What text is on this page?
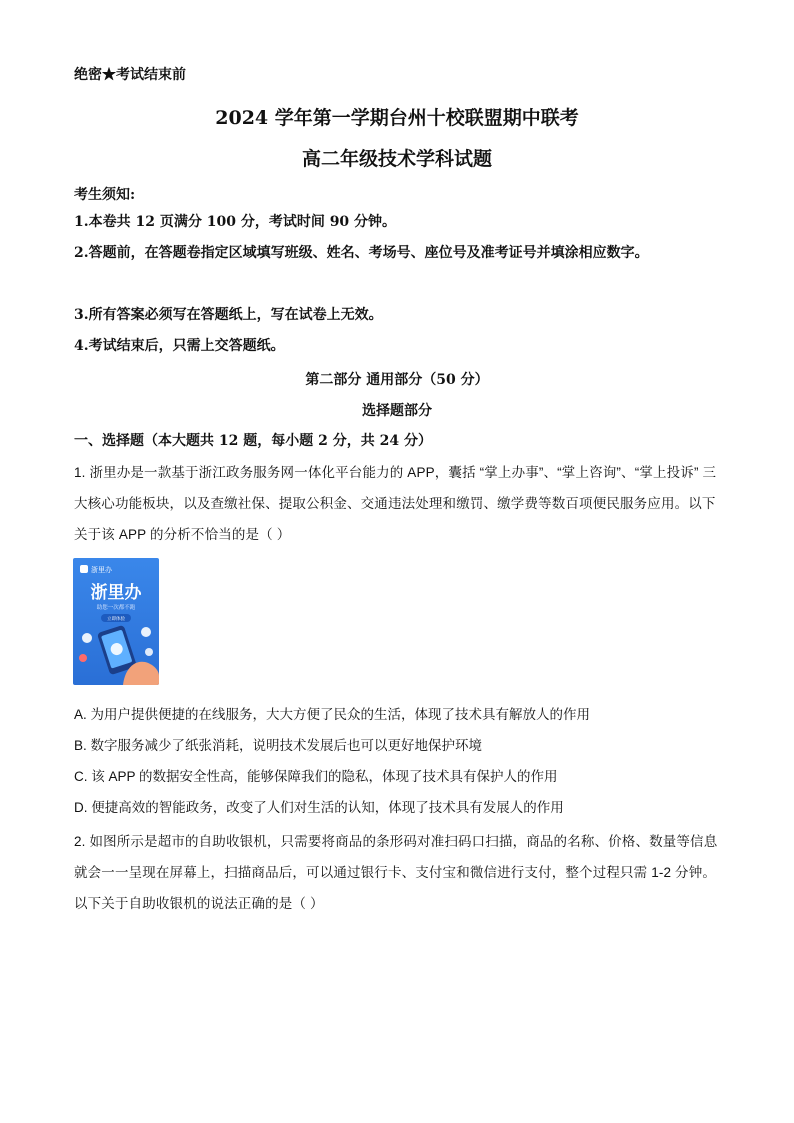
绝密★考试结束前
2024 学年第一学期台州十校联盟期中联考
高二年级技术学科试题
考生须知:
1.本卷共 12 页满分 100 分，考试时间 90 分钟。
2.答题前，在答题卷指定区域填写班级、姓名、考场号、座位号及准考证号并填涂相应数字。
3.所有答案必须写在答题纸上，写在试卷上无效。
4.考试结束后，只需上交答题纸。
第二部分 通用部分（50 分）
选择题部分
一、选择题（本大题共 12 题，每小题 2 分，共 24 分）
1. 浙里办是一款基于浙江政务服务网一体化平台能力的 APP，囊括 “掌上办事”、“掌上咨询”、“掌上投诉” 三大核心功能板块，以及查缴社保、提取公积金、交通违法处理和缴罚、缴学费等数百项便民服务应用。以下关于该 APP 的分析不恰当的是（ ）
浙里办
浙里办
助您一次都不跑
立即体验
A. 为用户提供便捷的在线服务，大大方便了民众的生活，体现了技术具有解放人的作用
B. 数字服务减少了纸张消耗，说明技术发展后也可以更好地保护环境
C. 该 APP 的数据安全性高，能够保障我们的隐私，体现了技术具有保护人的作用
D. 便捷高效的智能政务，改变了人们对生活的认知，体现了技术具有发展人的作用
2. 如图所示是超市的自助收银机，只需要将商品的条形码对准扫码口扫描，商品的名称、价格、数量等信息就会一一呈现在屏幕上，扫描商品后，可以通过银行卡、支付宝和微信进行支付，整个过程只需 1-2 分钟。以下关于自助收银机的说法正确的是（ ）
